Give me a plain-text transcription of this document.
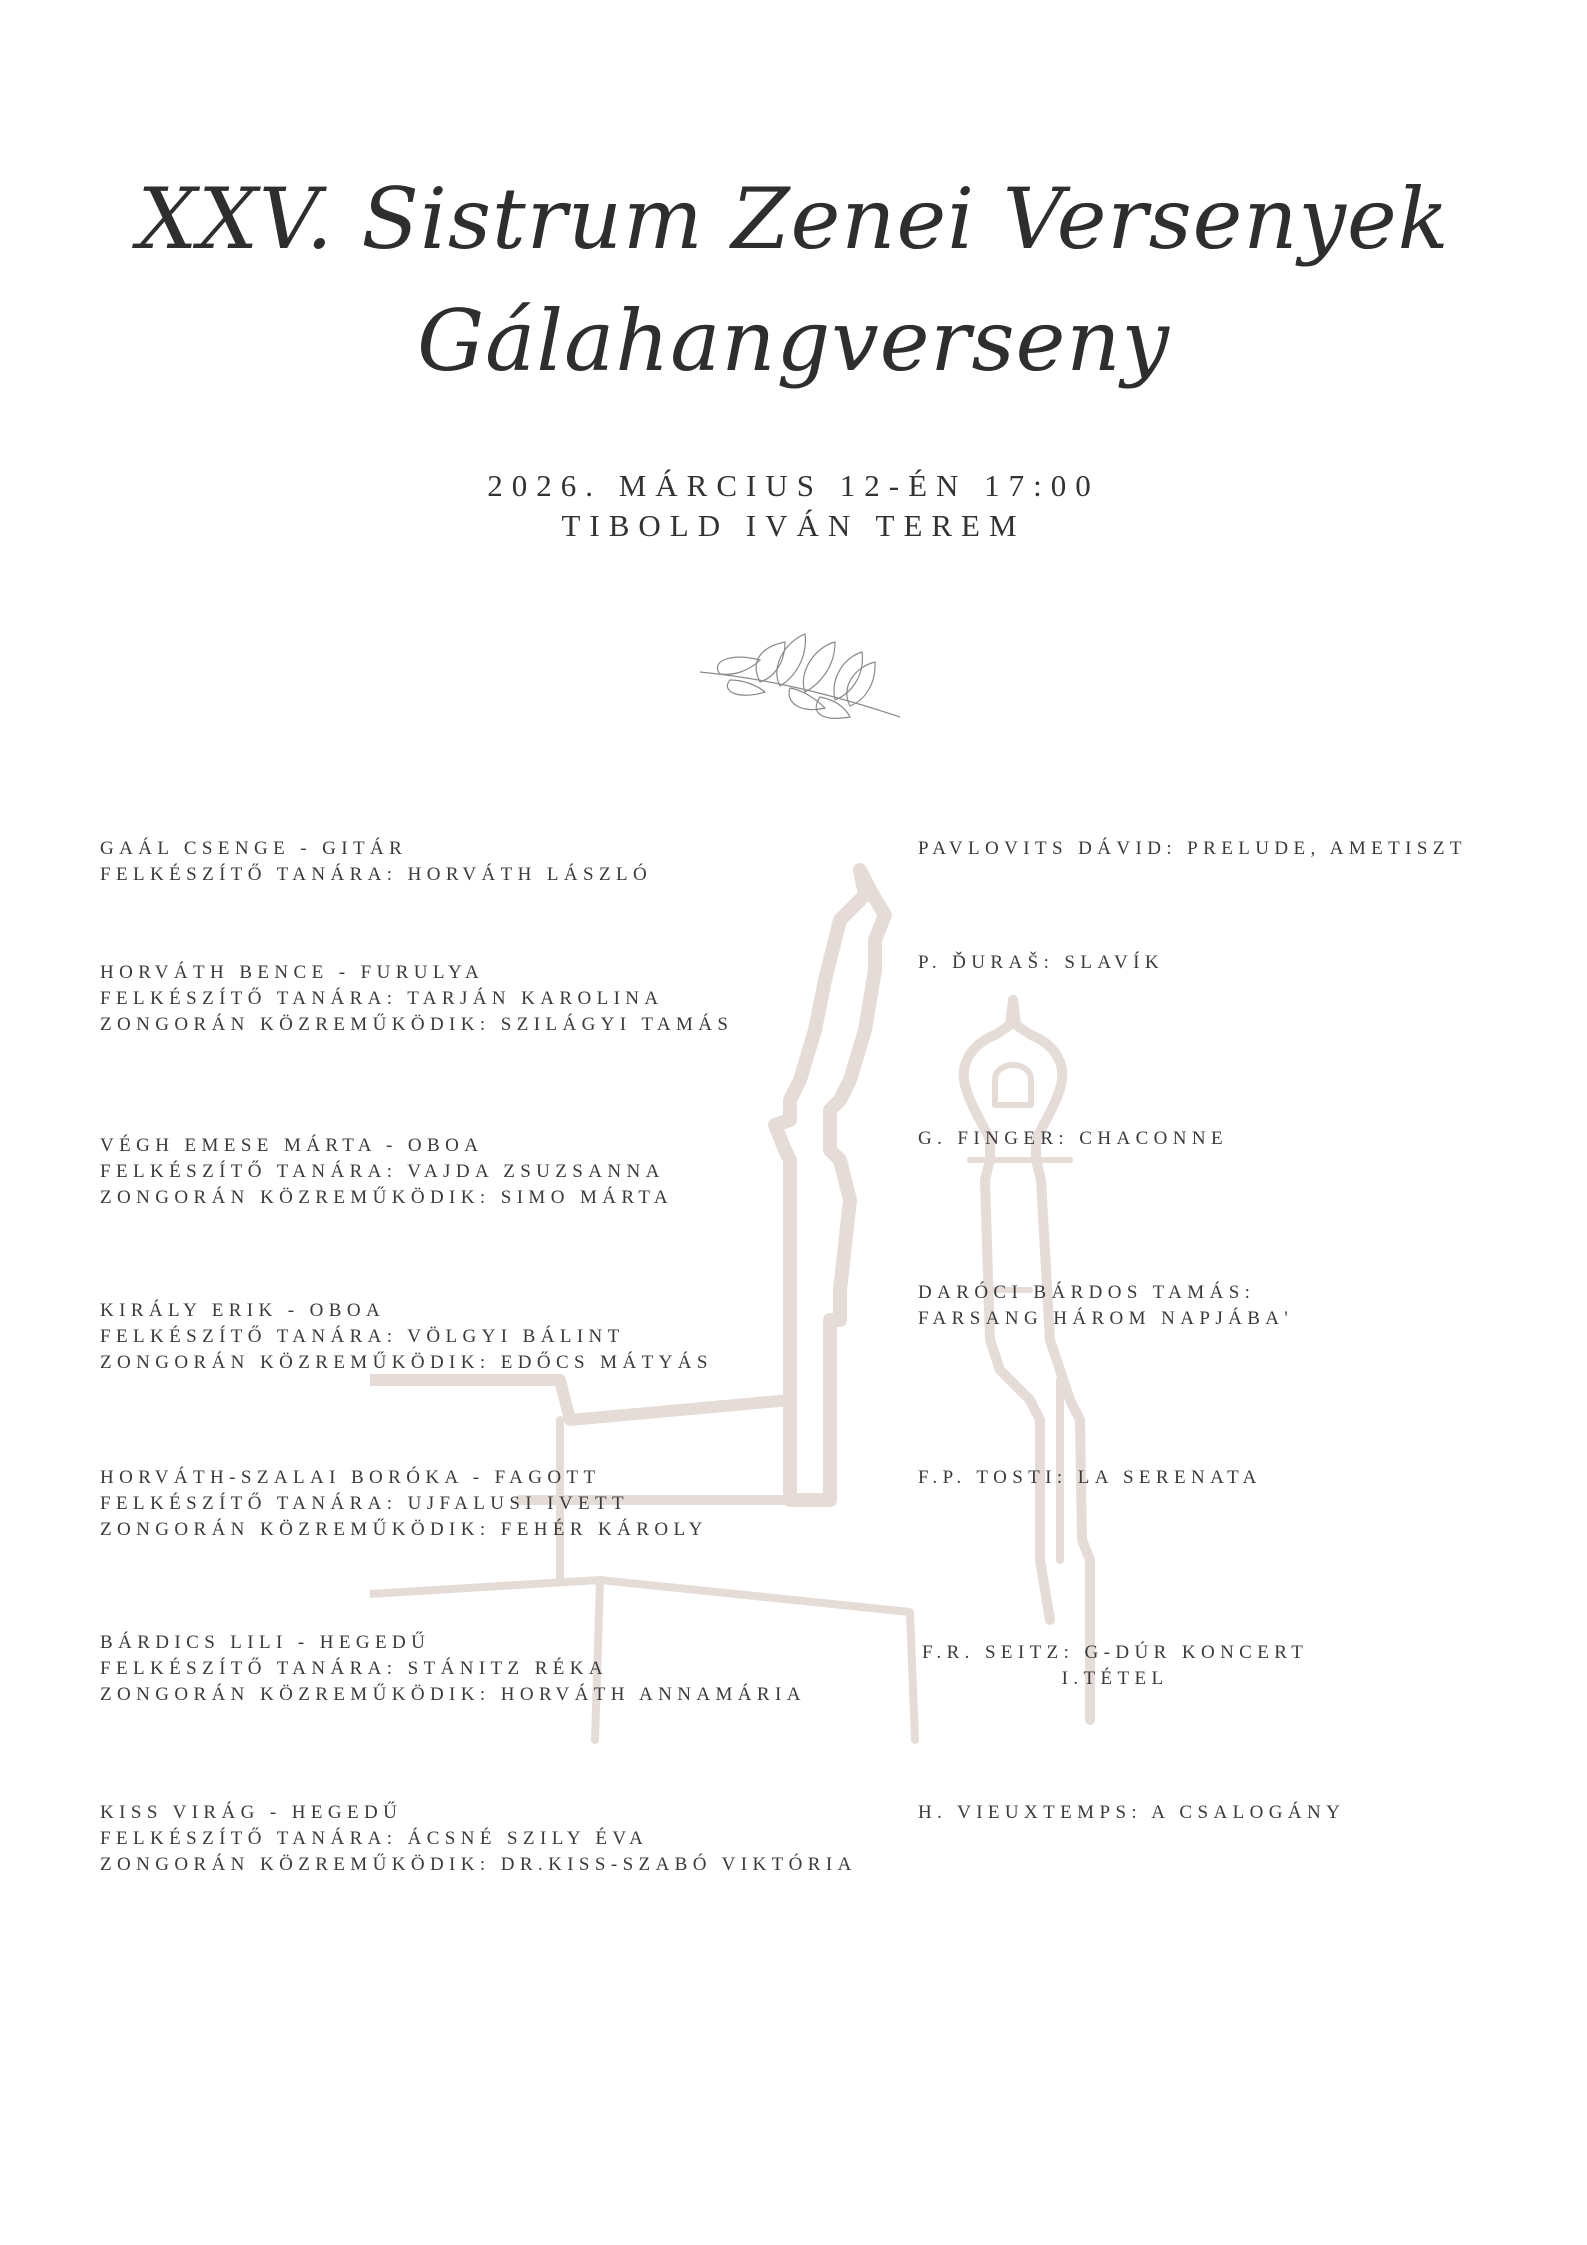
XXV. Sistrum Zenei Versenyek
Gálahangverseny
2026. MÁRCIUS 12-ÉN 17:00
TIBOLD IVÁN TEREM
GAÁL CSENGE - GITÁR
FELKÉSZÍTŐ TANÁRA: HORVÁTH LÁSZLÓ
PAVLOVITS DÁVID: PRELUDE, AMETISZT
HORVÁTH BENCE - FURULYA
FELKÉSZÍTŐ TANÁRA: TARJÁN KAROLINA
ZONGORÁN KÖZREMŰKÖDIK: SZILÁGYI TAMÁS
P. ĎURAŠ: SLAVÍK
VÉGH EMESE MÁRTA - OBOA
FELKÉSZÍTŐ TANÁRA: VAJDA ZSUZSANNA
ZONGORÁN KÖZREMŰKÖDIK: SIMO MÁRTA
G. FINGER: CHACONNE
KIRÁLY ERIK - OBOA
FELKÉSZÍTŐ TANÁRA: VÖLGYI BÁLINT
ZONGORÁN KÖZREMŰKÖDIK: EDŐCS MÁTYÁS
DARÓCI BÁRDOS TAMÁS:
FARSANG HÁROM NAPJÁBA'
HORVÁTH-SZALAI BORÓKA - FAGOTT
FELKÉSZÍTŐ TANÁRA: UJFALUSI IVETT
ZONGORÁN KÖZREMŰKÖDIK: FEHÉR KÁROLY
F.P. TOSTI: LA SERENATA
BÁRDICS LILI - HEGEDŰ
FELKÉSZÍTŐ TANÁRA: STÁNITZ RÉKA
ZONGORÁN KÖZREMŰKÖDIK: HORVÁTH ANNAMÁRIA
F.R. SEITZ: G-DÚR KONCERT
I.TÉTEL
KISS VIRÁG - HEGEDŰ
FELKÉSZÍTŐ TANÁRA: ÁCSNÉ SZILY ÉVA
ZONGORÁN KÖZREMŰKÖDIK: DR.KISS-SZABÓ VIKTÓRIA
H. VIEUXTEMPS: A CSALOGÁNY
